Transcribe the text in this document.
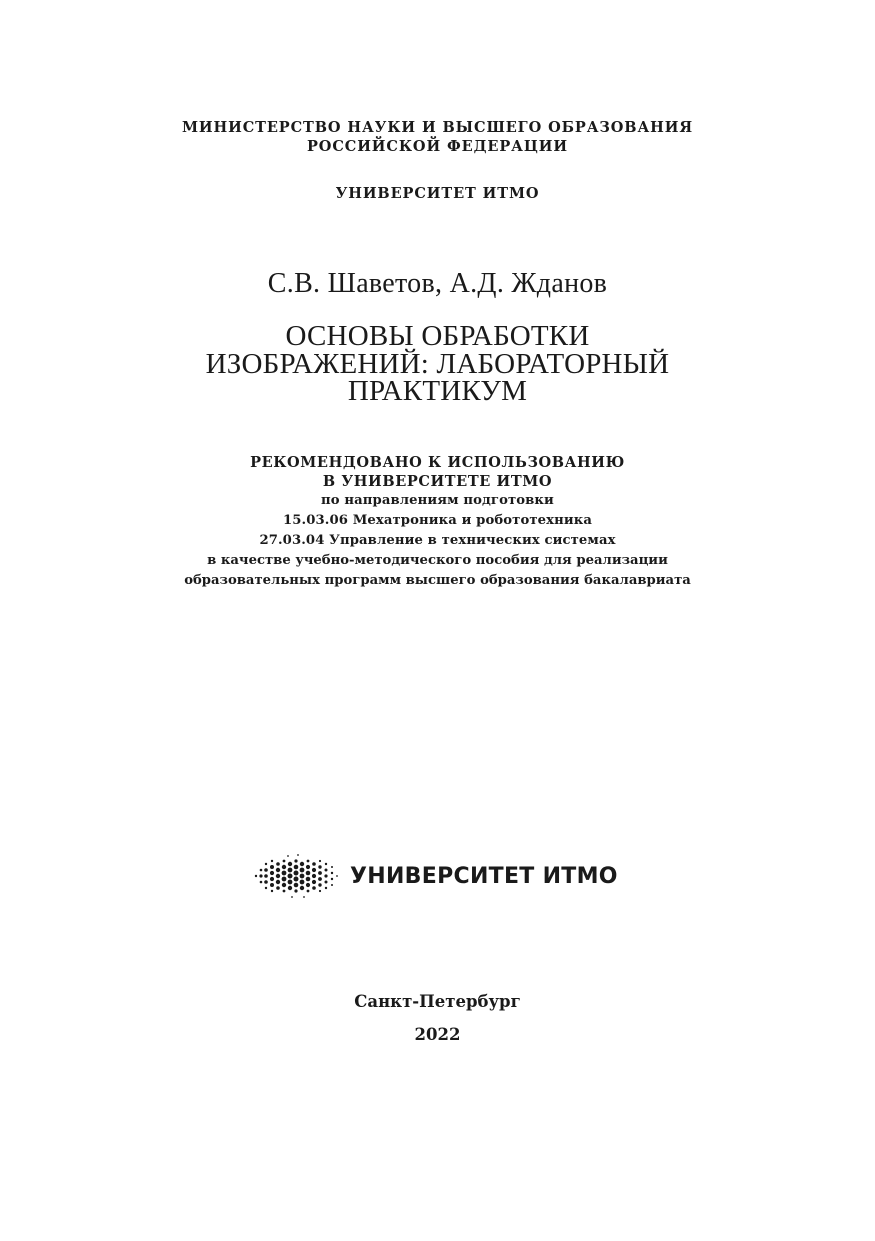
МИНИСТЕРСТВО НАУКИ И ВЫСШЕГО ОБРАЗОВАНИЯ
РОССИЙСКОЙ ФЕДЕРАЦИИ
УНИВЕРСИТЕТ ИТМО
С.В. Шаветов, А.Д. Жданов
ОСНОВЫ ОБРАБОТКИ
ИЗОБРАЖЕНИЙ: ЛАБОРАТОРНЫЙ
ПРАКТИКУМ
РЕКОМЕНДОВАНО К ИСПОЛЬЗОВАНИЮ
В УНИВЕРСИТЕТЕ ИТМО
по направлениям подготовки
15.03.06 Мехатроника и робототехника
27.03.04 Управление в технических системах
в качестве учебно-методического пособия для реализации
образовательных программ высшего образования бакалавриата
УНИВЕРСИТЕТ ИТМО
Санкт-Петербург
2022
